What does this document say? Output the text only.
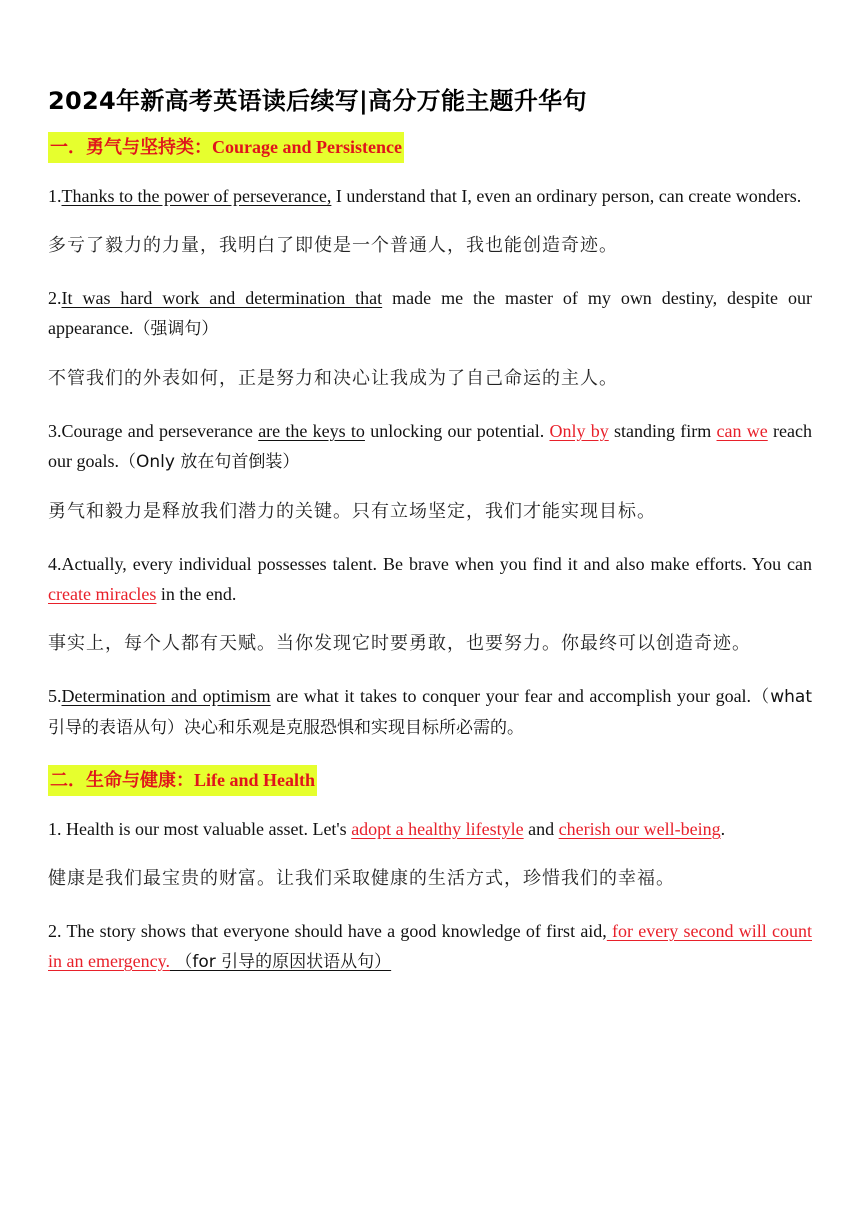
2024年新高考英语读后续写|高分万能主题升华句
一．勇气与坚持类：Courage and Persistence

1.Thanks to the power of perseverance, I understand that I, even an ordinary person, can create wonders.

多亏了毅力的力量，我明白了即使是一个普通人，我也能创造奇迹。

2.It was hard work and determination that made me the master of my own destiny, despite our appearance.（强调句）

不管我们的外表如何，正是努力和决心让我成为了自己命运的主人。

3.Courage and perseverance are the keys to unlocking our potential. Only by standing firm can we reach our goals.（Only 放在句首倒装）

勇气和毅力是释放我们潜力的关键。只有立场坚定，我们才能实现目标。

4.Actually, every individual possesses talent. Be brave when you find it and also make efforts. You can create miracles in the end.

事实上，每个人都有天赋。当你发现它时要勇敢，也要努力。你最终可以创造奇迹。

5.Determination and optimism are what it takes to conquer your fear and accomplish your goal.（what 引导的表语从句）决心和乐观是克服恐惧和实现目标所必需的。

二．生命与健康：Life and Health

1. Health is our most valuable asset. Let's adopt a healthy lifestyle and cherish our well-being.

健康是我们最宝贵的财富。让我们采取健康的生活方式，珍惜我们的幸福。

2. The story shows that everyone should have a good knowledge of first aid, for every second will count in an emergency. （for 引导的原因状语从句）
